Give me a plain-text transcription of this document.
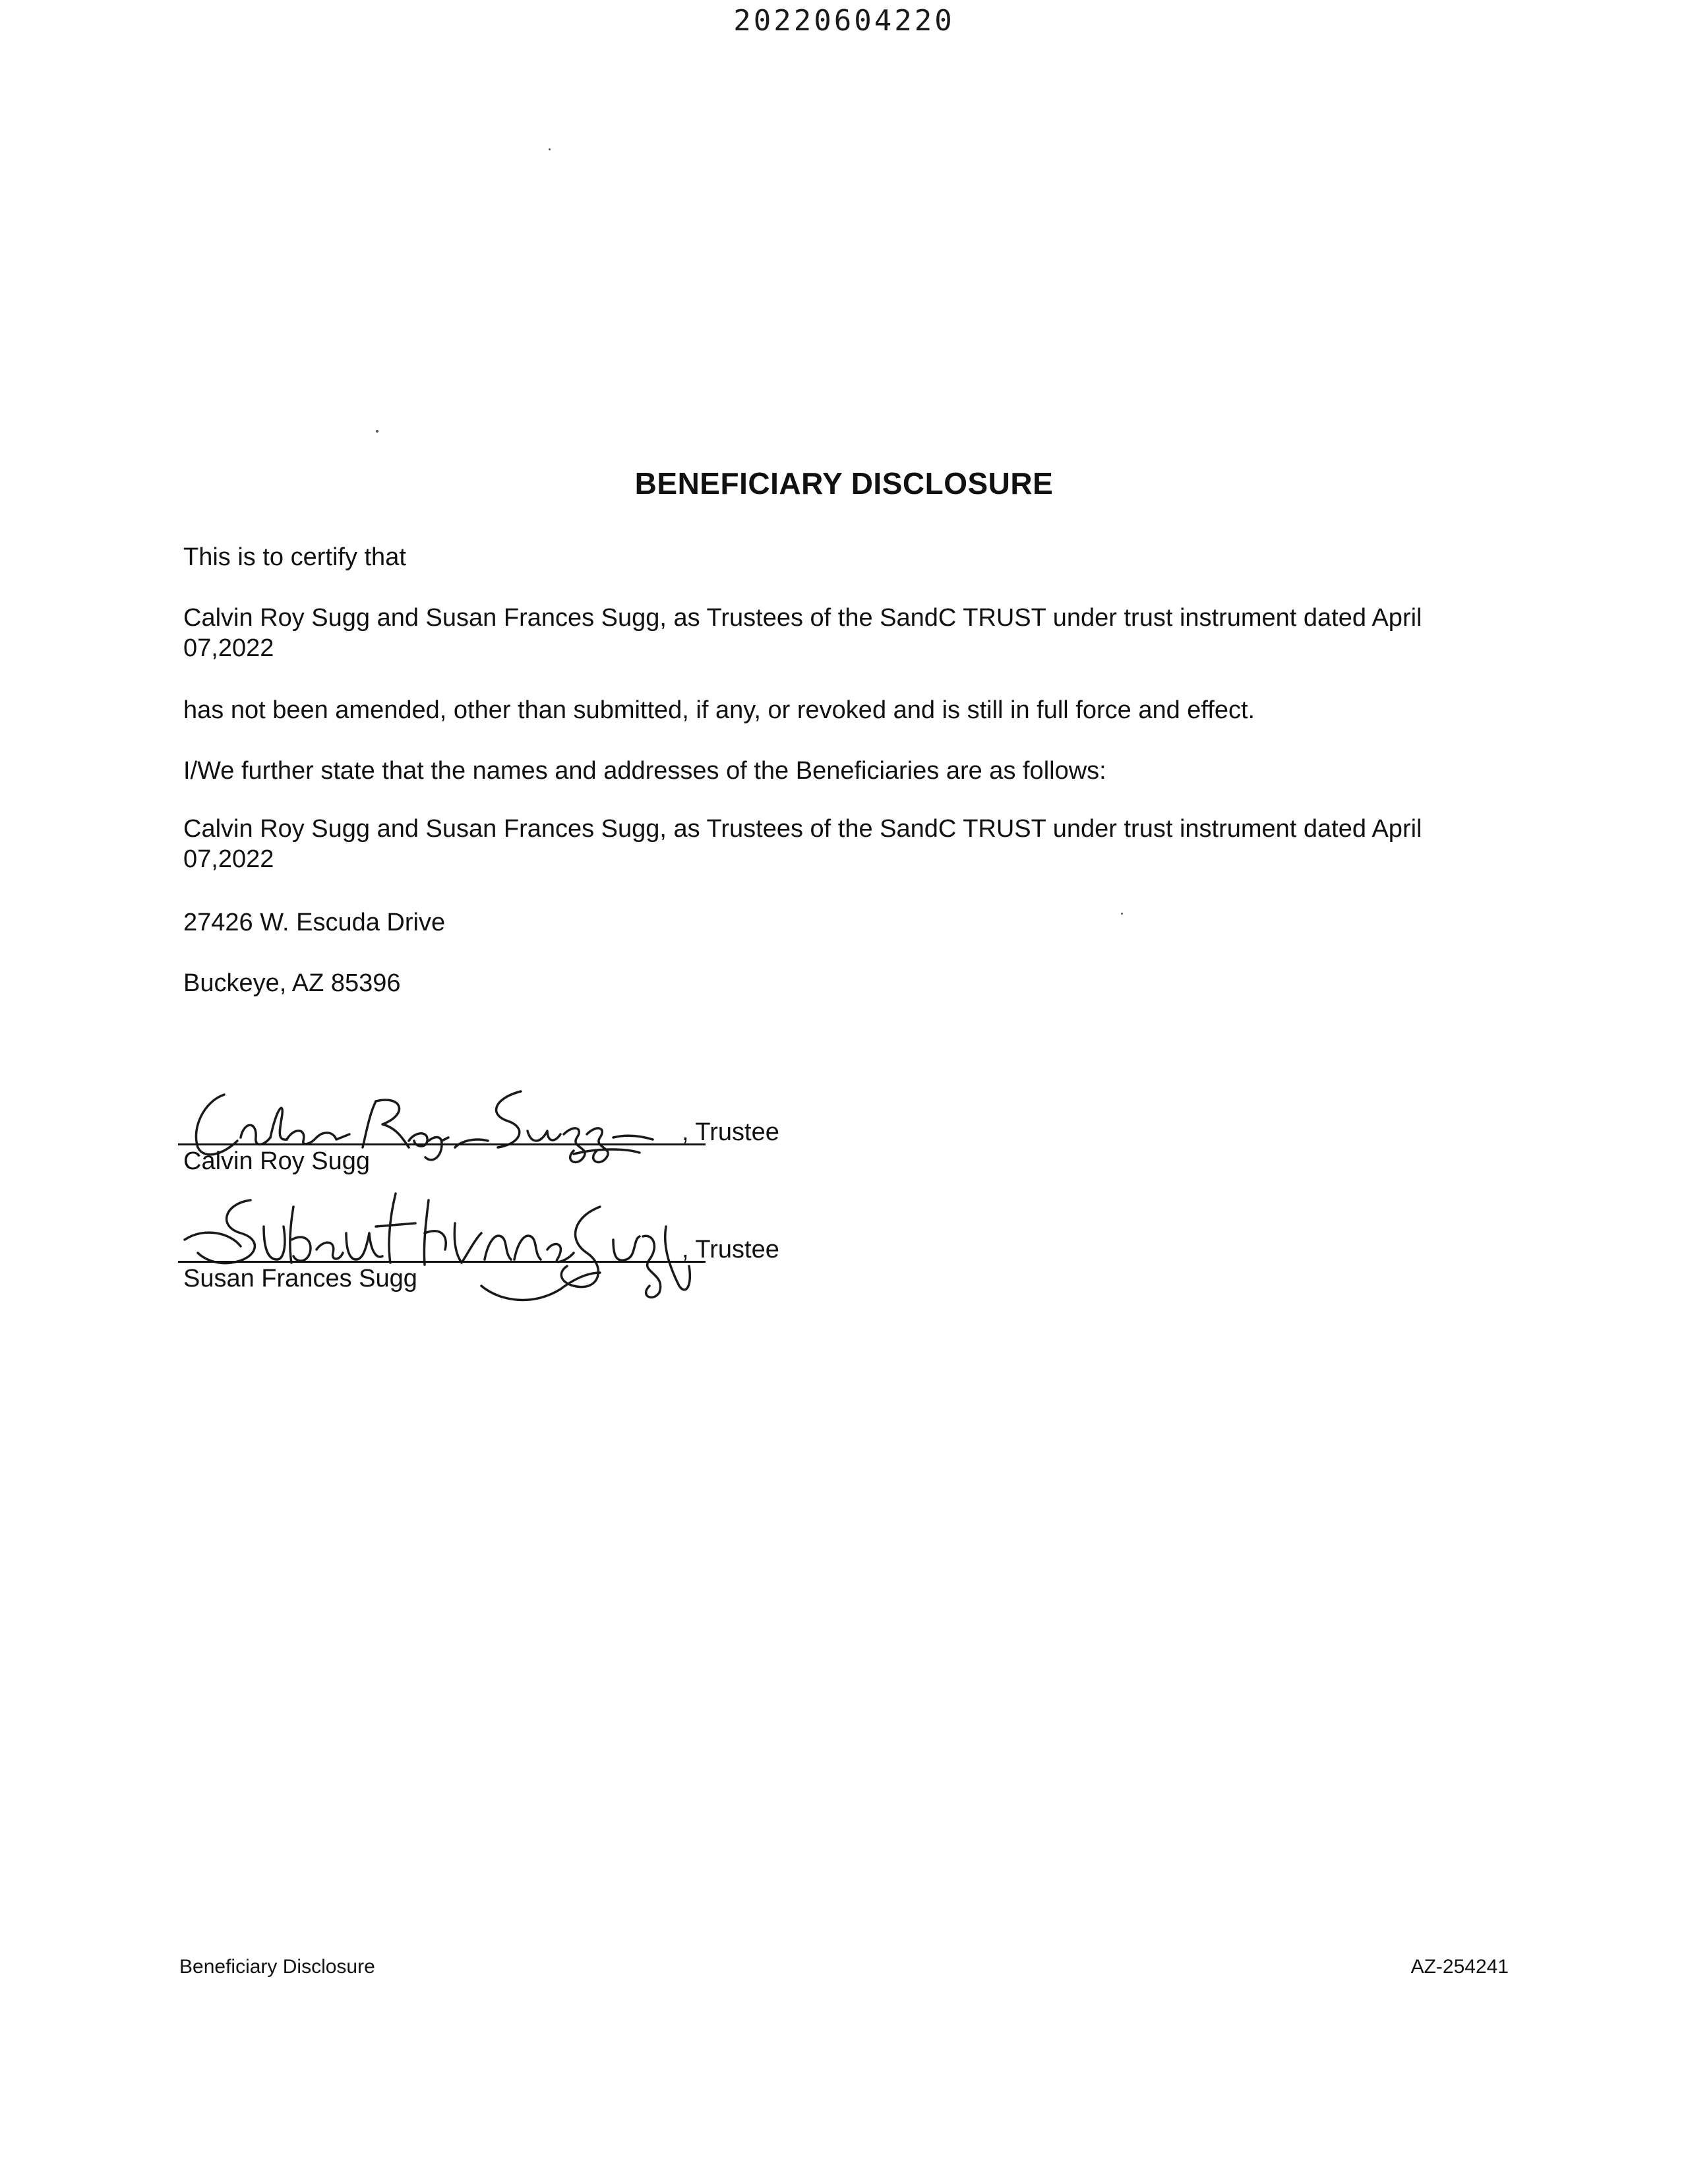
20220604220
BENEFICIARY DISCLOSURE

This is to certify that

Calvin Roy Sugg and Susan Frances Sugg, as Trustees of the SandC TRUST under trust instrument dated April 07,2022

has not been amended, other than submitted, if any, or revoked and is still in full force and effect.

I/We further state that the names and addresses of the Beneficiaries are as follows:

Calvin Roy Sugg and Susan Frances Sugg, as Trustees of the SandC TRUST under trust instrument dated April 07,2022

27426 W. Escuda Drive

Buckeye, AZ 85396

, Trustee
Calvin Roy Sugg
, Trustee
Susan Frances Sugg
Beneficiary Disclosure	AZ-254241
